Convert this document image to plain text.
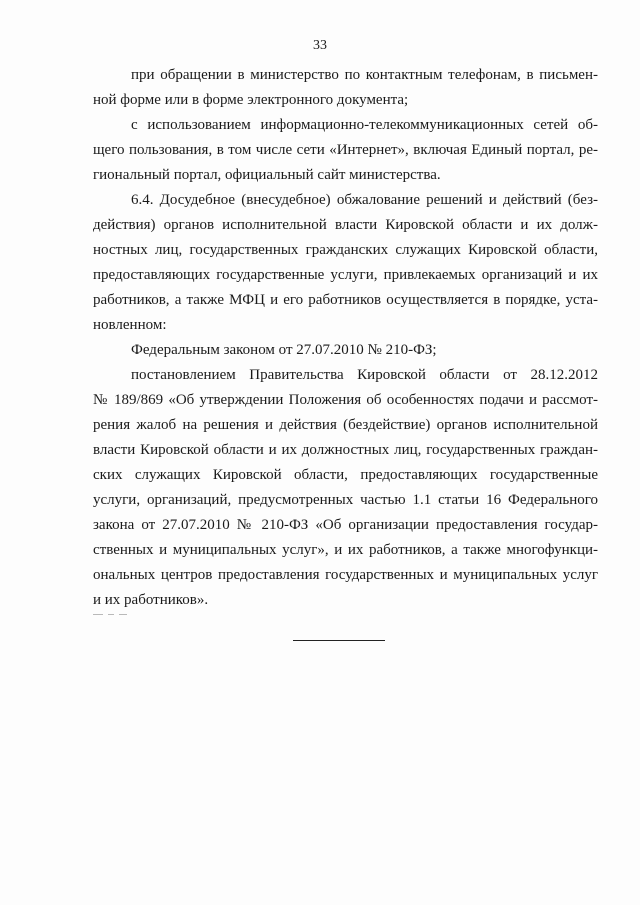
33
при обращении в министерство по контактным телефонам, в письмен-
ной форме или в форме электронного документа;
с использованием информационно-телекоммуникационных сетей об-
щего пользования, в том числе сети «Интернет», включая Единый портал, ре-
гиональный портал, официальный сайт министерства.
6.4. Досудебное (внесудебное) обжалование решений и действий (без-
действия) органов исполнительной власти Кировской области и их долж-
ностных лиц, государственных гражданских служащих Кировской области,
предоставляющих государственные услуги, привлекаемых организаций и их
работников, а также МФЦ и его работников осуществляется в порядке, уста-
новленном:
Федеральным законом от 27.07.2010 № 210-ФЗ;
постановлением Правительства Кировской области от 28.12.2012
№ 189/869 «Об утверждении Положения об особенностях подачи и рассмот-
рения жалоб на решения и действия (бездействие) органов исполнительной
власти Кировской области и их должностных лиц, государственных граждан-
ских служащих Кировской области, предоставляющих государственные
услуги, организаций, предусмотренных частью 1.1 статьи 16 Федерального
закона от 27.07.2010 № 210-ФЗ «Об организации предоставления государ-
ственных и муниципальных услуг», и их работников, а также многофункци-
ональных центров предоставления государственных и муниципальных услуг
и их работников».
